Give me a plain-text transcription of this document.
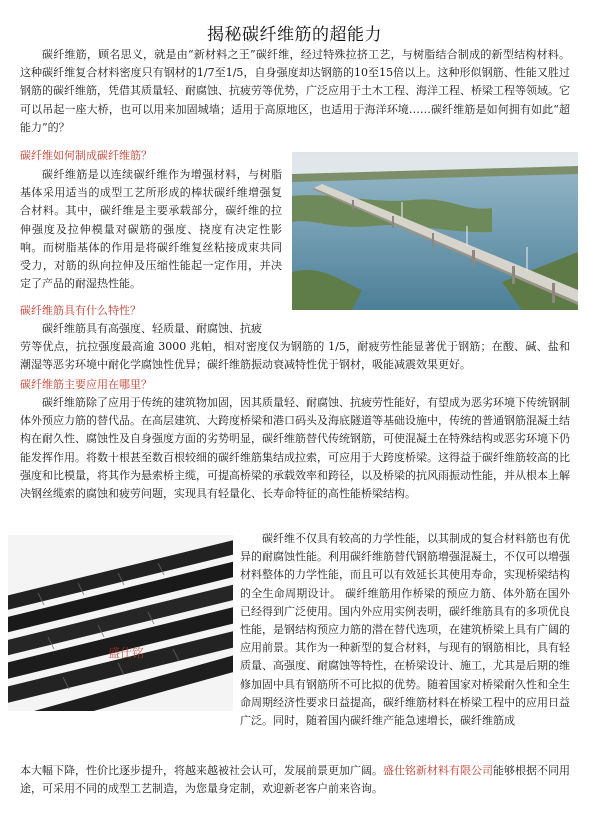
揭秘碳纤维筋的超能力

碳纤维筋，顾名思义，就是由“新材料之王”碳纤维，经过特殊拉挤工艺，与树脂结合制成的新型结构材料。这种碳纤维复合材料密度只有钢材的1/7至1/5，自身强度却达钢筋的10至15倍以上。这种形似钢筋、性能又胜过钢筋的碳纤维筋，凭借其质量轻、耐腐蚀、抗疲劳等优势，广泛应用于土木工程、海洋工程、桥梁工程等领域。它可以吊起一座大桥，也可以用来加固城墙；适用于高原地区，也适用于海洋环境……碳纤维筋是如何拥有如此“超能力”的？

碳纤维如何制成碳纤维筋？

碳纤维筋是以连续碳纤维作为增强材料，与树脂基体采用适当的成型工艺所形成的棒状碳纤维增强复合材料。其中，碳纤维是主要承载部分，碳纤维的拉伸强度及拉伸模量对碳筋的强度、挠度有决定性影响。而树脂基体的作用是将碳纤维复丝粘接成束共同受力，对筋的纵向拉伸及压缩性能起一定作用，并决定了产品的耐湿热性能。

碳纤维筋具有什么特性？

碳纤维筋具有高强度、轻质量、耐腐蚀、抗疲

劳等优点，抗拉强度最高逾 3000 兆帕，相对密度仅为钢筋的 1/5，耐疲劳性能显著优于钢筋；在酸、碱、盐和潮湿等恶劣环境中耐化学腐蚀性优异；碳纤维筋振动衰减特性优于钢材，吸能减震效果更好。

碳纤维筋主要应用在哪里？

碳纤维筋除了应用于传统的建筑物加固，因其质量轻、耐腐蚀、抗疲劳性能好，有望成为恶劣环境下传统钢制体外预应力筋的替代品。在高层建筑、大跨度桥梁和港口码头及海底隧道等基础设施中，传统的普通钢筋混凝土结构在耐久性、腐蚀性及自身强度方面的劣势明显，碳纤维筋替代传统钢筋，可使混凝土在特殊结构或恶劣环境下仍能发挥作用。将数十根甚至数百根较细的碳纤维筋集结成拉索，可应用于大跨度桥梁。这得益于碳纤维筋较高的比强度和比模量，将其作为悬索桥主缆，可提高桥梁的承载效率和跨径，以及桥梁的抗风雨振动性能，并从根本上解决钢丝缆索的腐蚀和疲劳问题，实现具有轻量化、长寿命特征的高性能桥梁结构。

盛仕铭

碳纤维不仅具有较高的力学性能，以其制成的复合材料筋也有优异的耐腐蚀性能。利用碳纤维筋替代钢筋增强混凝土，不仅可以增强材料整体的力学性能，而且可以有效延长其使用寿命，实现桥梁结构的全生命周期设计。 碳纤维筋用作桥梁的预应力筋、体外筋在国外已经得到广泛使用。国内外应用实例表明，碳纤维筋具有的多项优良性能，是钢结构预应力筋的潜在替代选项，在建筑桥梁上具有广阔的应用前景。其作为一种新型的复合材料，与现有的钢筋相比，具有轻质量、高强度、耐腐蚀等特性，在桥梁设计、施工，尤其是后期的维修加固中具有钢筋所不可比拟的优势。随着国家对桥梁耐久性和全生命周期经济性要求日益提高，碳纤维筋材料在桥梁工程中的应用日益广泛。同时，随着国内碳纤维产能急速增长，碳纤维筋成

本大幅下降，性价比逐步提升，将越来越被社会认可，发展前景更加广阔。盛仕铭新材料有限公司能够根据不同用途，可采用不同的成型工艺制造，为您量身定制，欢迎新老客户前来咨询。
